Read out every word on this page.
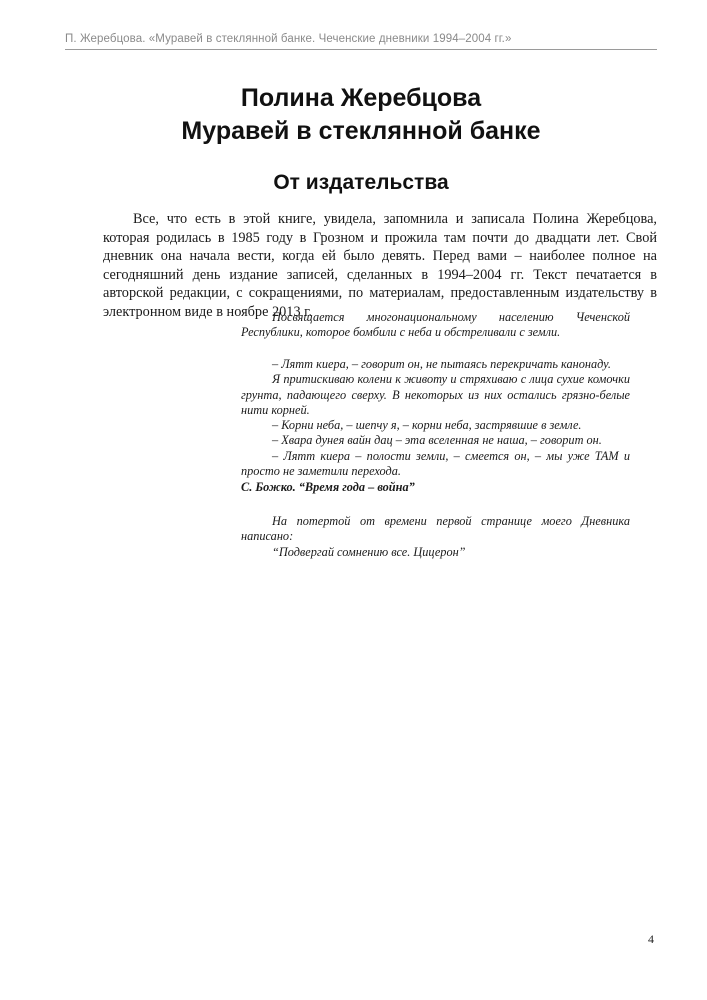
П. Жеребцова. «Муравей в стеклянной банке. Чеченские дневники 1994–2004 гг.»
Полина Жеребцова
Муравей в стеклянной банке
От издательства

Все, что есть в этой книге, увидела, запомнила и записала Полина Жеребцова, которая родилась в 1985 году в Грозном и прожила там почти до двадцати лет. Свой дневник она начала вести, когда ей было девять. Перед вами – наиболее полное на сегодняшний день издание записей, сделанных в 1994–2004 гг. Текст печатается в авторской редакции, с сокращениями, по материалам, предоставленным издательству в электронном виде в ноябре 2013 г.

Посвящается многонациональному населению Чеченской Республики, которое бомбили с неба и обстреливали с земли.

– Лятт киера, – говорит он, не пытаясь перекричать канонаду.
Я притискиваю колени к животу и стряхиваю с лица сухие комочки грунта, падающего сверху. В некоторых из них остались грязно-белые нити корней.
– Корни неба, – шепчу я, – корни неба, застрявшие в земле.
– Хвара дунея вайн дац – эта вселенная не наша, – говорит он.
– Лятт киера – полости земли, – смеется он, – мы уже ТАМ и просто не заметили перехода.

С. Божко. “Время года – война”

На потертой от времени первой странице моего Дневника написано:

“Подвергай сомнению все. Цицерон”

4
